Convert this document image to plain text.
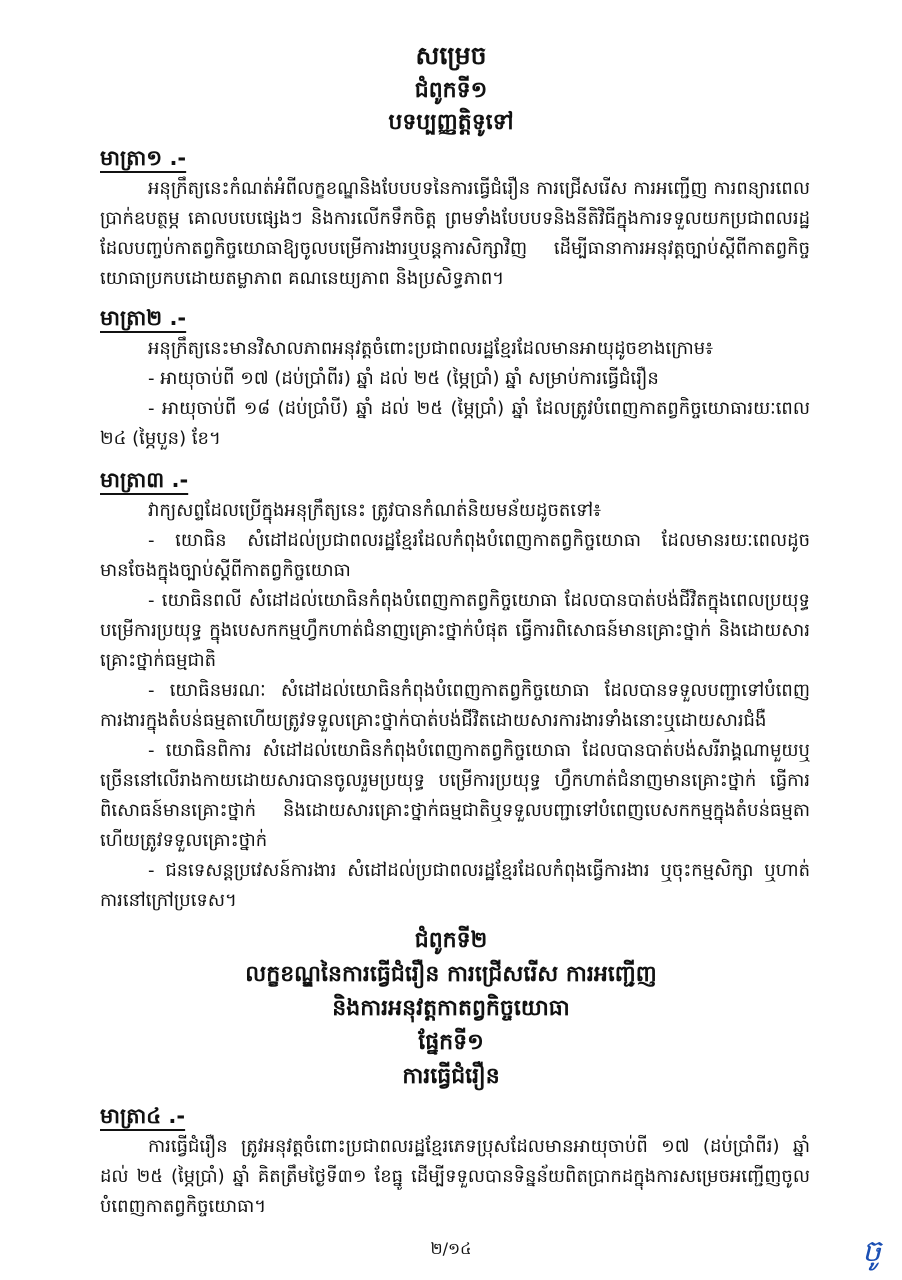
សម្រេច
ជំពូកទី១
បទប្បញ្ញត្តិទូទៅ
មាត្រា១ .-
អនុក្រឹត្យនេះកំណត់អំពីលក្ខខណ្ឌនិងបែបបទនៃការធ្វើជំរឿន ការជ្រើសរើស ការអញ្ជើញ ការពន្យារពេល ប្រាក់ឧបត្ថម្ភ គោលបបេផ្សេងៗ និងការលើកទឹកចិត្ត ព្រមទាំងបែបបទនិងនីតិវិធីក្នុងការទទួលយកប្រជាពលរដ្ឋដែលបញ្ចប់កាតព្វកិច្ចយោធាឱ្យចូលបម្រើការងារឬបន្តការសិក្សាវិញ ដើម្បីធានាការអនុវត្តច្បាប់ស្តីពីកាតព្វកិច្ចយោធាប្រកបដោយតម្លាភាព គណនេយ្យភាព និងប្រសិទ្ធភាព។
មាត្រា២ .-
អនុក្រឹត្យនេះមានវិសាលភាពអនុវត្តចំពោះប្រជាពលរដ្ឋខ្មែរដែលមានអាយុដូចខាងក្រោម៖
- អាយុចាប់ពី ១៧ (ដប់ប្រាំពីរ) ឆ្នាំ ដល់ ២៥ (ម្ភៃប្រាំ) ឆ្នាំ សម្រាប់ការធ្វើជំរឿន
- អាយុចាប់ពី ១៨ (ដប់ប្រាំបី) ឆ្នាំ ដល់ ២៥ (ម្ភៃប្រាំ) ឆ្នាំ ដែលត្រូវបំពេញកាតព្វកិច្ចយោធារយៈពេល ២៤ (ម្ភៃបួន) ខែ។
មាត្រា៣ .-
វាក្យសព្ទដែលប្រើក្នុងអនុក្រឹត្យនេះ ត្រូវបានកំណត់និយមន័យដូចតទៅ៖
- យោធិន សំដៅដល់ប្រជាពលរដ្ឋខ្មែរដែលកំពុងបំពេញកាតព្វកិច្ចយោធា ដែលមានរយៈពេលដូចមានចែងក្នុងច្បាប់ស្តីពីកាតព្វកិច្ចយោធា
- យោធិនពលី សំដៅដល់យោធិនកំពុងបំពេញកាតព្វកិច្ចយោធា ដែលបានបាត់បង់ជីវិតក្នុងពេលប្រយុទ្ធ បម្រើការប្រយុទ្ធ ក្នុងបេសកកម្មហ្វឹកហាត់ជំនាញគ្រោះថ្នាក់បំផុត ធ្វើការពិសោធន៍មានគ្រោះថ្នាក់ និងដោយសារគ្រោះថ្នាក់ធម្មជាតិ
- យោធិនមរណៈ សំដៅដល់យោធិនកំពុងបំពេញកាតព្វកិច្ចយោធា ដែលបានទទួលបញ្ជាទៅបំពេញការងារក្នុងតំបន់ធម្មតាហើយត្រូវទទួលគ្រោះថ្នាក់បាត់បង់ជីវិតដោយសារការងារទាំងនោះឬដោយសារជំងឺ
- យោធិនពិការ សំដៅដល់យោធិនកំពុងបំពេញកាតព្វកិច្ចយោធា ដែលបានបាត់បង់សរីរាង្គណាមួយឬច្រើននៅលើរាងកាយដោយសារបានចូលរួមប្រយុទ្ធ បម្រើការប្រយុទ្ធ ហ្វឹកហាត់ជំនាញមានគ្រោះថ្នាក់ ធ្វើការពិសោធន៍មានគ្រោះថ្នាក់ និងដោយសារគ្រោះថ្នាក់ធម្មជាតិឬទទួលបញ្ជាទៅបំពេញបេសកកម្មក្នុងតំបន់ធម្មតាហើយត្រូវទទួលគ្រោះថ្នាក់
- ជនទេសន្តប្រវេសន៍ការងារ សំដៅដល់ប្រជាពលរដ្ឋខ្មែរដែលកំពុងធ្វើការងារ ឬចុះកម្មសិក្សា ឬហាត់ការនៅក្រៅប្រទេស។
ជំពូកទី២
លក្ខខណ្ឌនៃការធ្វើជំរឿន ការជ្រើសរើស ការអញ្ជើញ
និងការអនុវត្តកាតព្វកិច្ចយោធា
ផ្នែកទី១
ការធ្វើជំរឿន
មាត្រា៤ .-
ការធ្វើជំរឿន ត្រូវអនុវត្តចំពោះប្រជាពលរដ្ឋខ្មែរភេទប្រុសដែលមានអាយុចាប់ពី ១៧ (ដប់ប្រាំពីរ) ឆ្នាំ ដល់ ២៥ (ម្ភៃប្រាំ) ឆ្នាំ គិតត្រឹមថ្ងៃទី៣១ ខែធ្នូ ដើម្បីទទួលបានទិន្នន័យពិតប្រាកដក្នុងការសម្រេចអញ្ជើញចូលបំពេញកាតព្វកិច្ចយោធា។
២/១៤	ចូ
